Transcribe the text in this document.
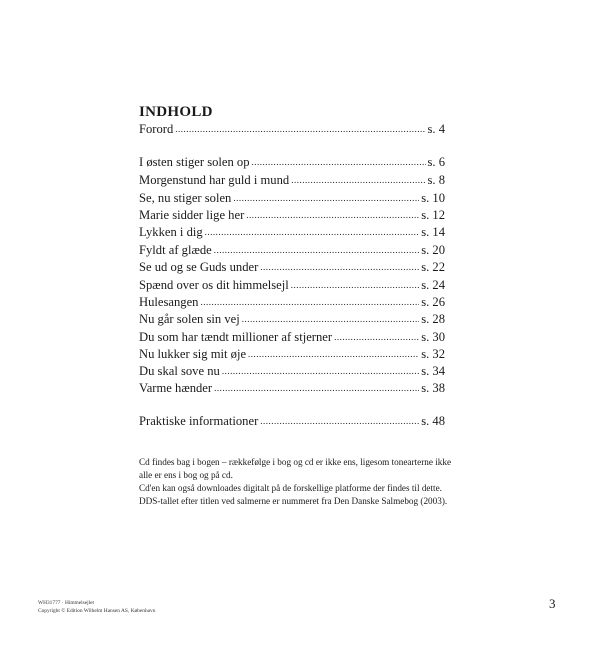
INDHOLD
Forord .....	s. 4
I østen stiger solen op .....	s. 6
Morgenstund har guld i mund .....	s. 8
Se, nu stiger solen .....	s. 10
Marie sidder lige her .....	s. 12
Lykken i dig .....	s. 14
Fyldt af glæde .....	s. 20
Se ud og se Guds under .....	s. 22
Spænd over os dit himmelsejl .....	s. 24
Hulesangen .....	s. 26
Nu går solen sin vej .....	s. 28
Du som har tændt millioner af stjerner .....	s. 30
Nu lukker sig mit øje .....	s. 32
Du skal sove nu .....	s. 34
Varme hænder .....	s. 38
Praktiske informationer .....	s. 48

Cd findes bag i bogen – rækkefølge i bog og cd er ikke ens, ligesom tonearterne ikke alle er ens i bog og på cd.

Cd'en kan også downloades digitalt på de forskellige platforme der findes til dette.

DDS-tallet efter titlen ved salmerne er nummeret fra Den Danske Salmebog (2003).

WH31777 · Himmelsejlet
Copyright © Edition Wilhelm Hansen AS, København	3
